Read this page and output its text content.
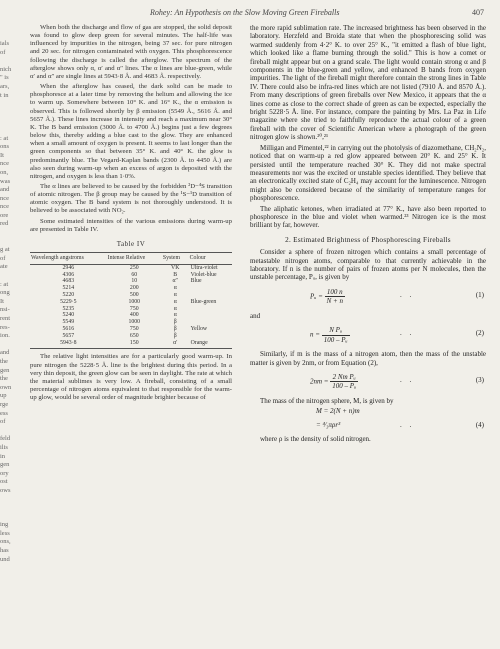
ials
of

nich
" is
ars,
t in

: at
ons
It
nce
on,
was
and
nce
nce
ore
red

g at
of
ate

: at
ong
It
nsi-
rent
res-
ion.

and
the
gen
the
own
up
rge
ess
of

feld
ilis
in
gen
ory
ost
ows

ing
less
ons,
has
und
Rohey: An Hypothesis on the Slow Moving Green Fireballs	407

When both the discharge and flow of gas are stopped, the solid deposit was found to glow deep green for several minutes. The half-life was influenced by impurities in the nitrogen, being 37 sec. for pure nitrogen and 20 sec. for nitrogen contaminated with oxygen. This phosphorescence following the discharge is called the afterglow. The spectrum of the afterglow shows only α, α′ and α″ lines. The α lines are blue-green, while α′ and α″ are single lines at 5943·8 Å. and 4683 Å. respectively.

When the afterglow has ceased, the dark solid can be made to phosphoresce at a later time by removing the helium and allowing the ice to warm up. Somewhere between 10° K. and 16° K., the α emission is observed. This is followed shortly by β emission (5549 Å., 5616 Å. and 5657 Å.). These lines increase in intensity and reach a maximum near 30° K. The B band emission (3000 Å. to 4700 Å.) begins just a few degrees below this, thereby adding a blue cast to the glow. They are enhanced when a small amount of oxygen is present. It seems to last longer than the green components so that between 35° K. and 40° K. the glow is predominantly blue. The Vegard-Kaplan bands (2300 Å. to 4450 Å.) are also seen during warm-up when an excess of argon is deposited with the nitrogen, and oxygen is less than 1·0%.

The α lines are believed to be caused by the forbidden ²D−⁴S transition of atomic nitrogen. The β group may be caused by the ¹S−¹D transition of atomic oxygen. The B band system is not thoroughly understood. It is believed to be associated with NO₂.

Some estimated intensities of the various emissions during warm-up are presented in Table IV.

Table IV
Wavelength angstroms	Intense Relative	System	Colour
2946	250	VK	Ultra-violet
4306	60	B	Violet-blue
4683	10	α″	Blue
5214	200	α	
5220	500	α	
5229·5	1000	α	Blue-green
5235	750	α	
5240	400	α	
5549	1000	β	
5616	750	β	Yellow
5657	650	β	
5943·8	150	α′	Orange

The relative light intensities are for a particularly good warm-up. In pure nitrogen the 5228·5 Å. line is the brightest during this period. In a very thin deposit, the green glow can be seen in daylight. The rate at which the material sublimes is very low. A fireball, consisting of a small percentage of nitrogen atoms equivalent to that responsible for the warm-up glow, would be several order of magnitude brighter because of

the more rapid sublimation rate. The increased brightness has been observed in the laboratory. Herzfeld and Broida state that when the phosphorescing solid was warmed suddenly from 4·2° K. to over 25° K., "it emitted a flash of blue light, which looked like a flame burning through the solid." This is how a comet or fireball might appear but on a grand scale. The light would contain strong α and β components in the blue-green and yellow, and enhanced B bands from oxygen impurities. The light of the fireball might therefore contain the strong lines in Table IV. There could also be infra-red lines which are not listed (7910 Å. and 8570 Å.). From many descriptions of green fireballs over New Mexico, it appears that the α lines come as close to the correct shade of green as can be expected, especially the bright 5228·5 Å. line. For instance, compare the painting by Mrs. La Paz in Life magazine where she tried to faithfully reproduce the actual colour of a green fireball with the cover of Scientific American where a photograph of the green nitrogen glow is shown.²⁰,²¹

Milligan and Pimentel,²² in carrying out the photolysis of diazomethane, CH₂N₂, noticed that on warm-up a red glow appeared between 20° K. and 25° K. It persisted until the temperature reached 30° K. They did not make spectral measurements nor was the excited or unstable species identified. They believe that an electronically excited state of C₂H₄ may account for the luminescence. Nitrogen might also be considered because of the similarity of temperature ranges for phosphorescence.

The aliphatic ketones, when irradiated at 77° K., have also been reported to phosphoresce in the blue and violet when warmed.²³ Nitrogen ice is the most brilliant by far, however.

2. Estimated Brightness of Phosphorescing Fireballs

Consider a sphere of frozen nitrogen which contains a small percentage of metastable nitrogen atoms, comparable to that currently achievable in the laboratory. If n is the number of pairs of frozen atoms per N molecules, then the unstable percentage, Pᵤ, is given by

Pᵤ = $\frac{100 n}{N + n}$	. .	(1)

and

$n = \frac{\text{N Pᵤ}}{\text{100 – Pᵤ}}$	. .	(2)

Similarly, if m is the mass of a nitrogen atom, then the mass of the unstable matter is given by 2nm, or from Equation (2),

$2nm = \frac{\text{2 Nm Pᵤ}}{\text{100 – Pᵤ}}$	. .	(3)

The mass of the nitrogen sphere, M, is given by

M = 2(N + n)m
= ⁴⁄₃πρr³	. .	(4)

where ρ is the density of solid nitrogen.
